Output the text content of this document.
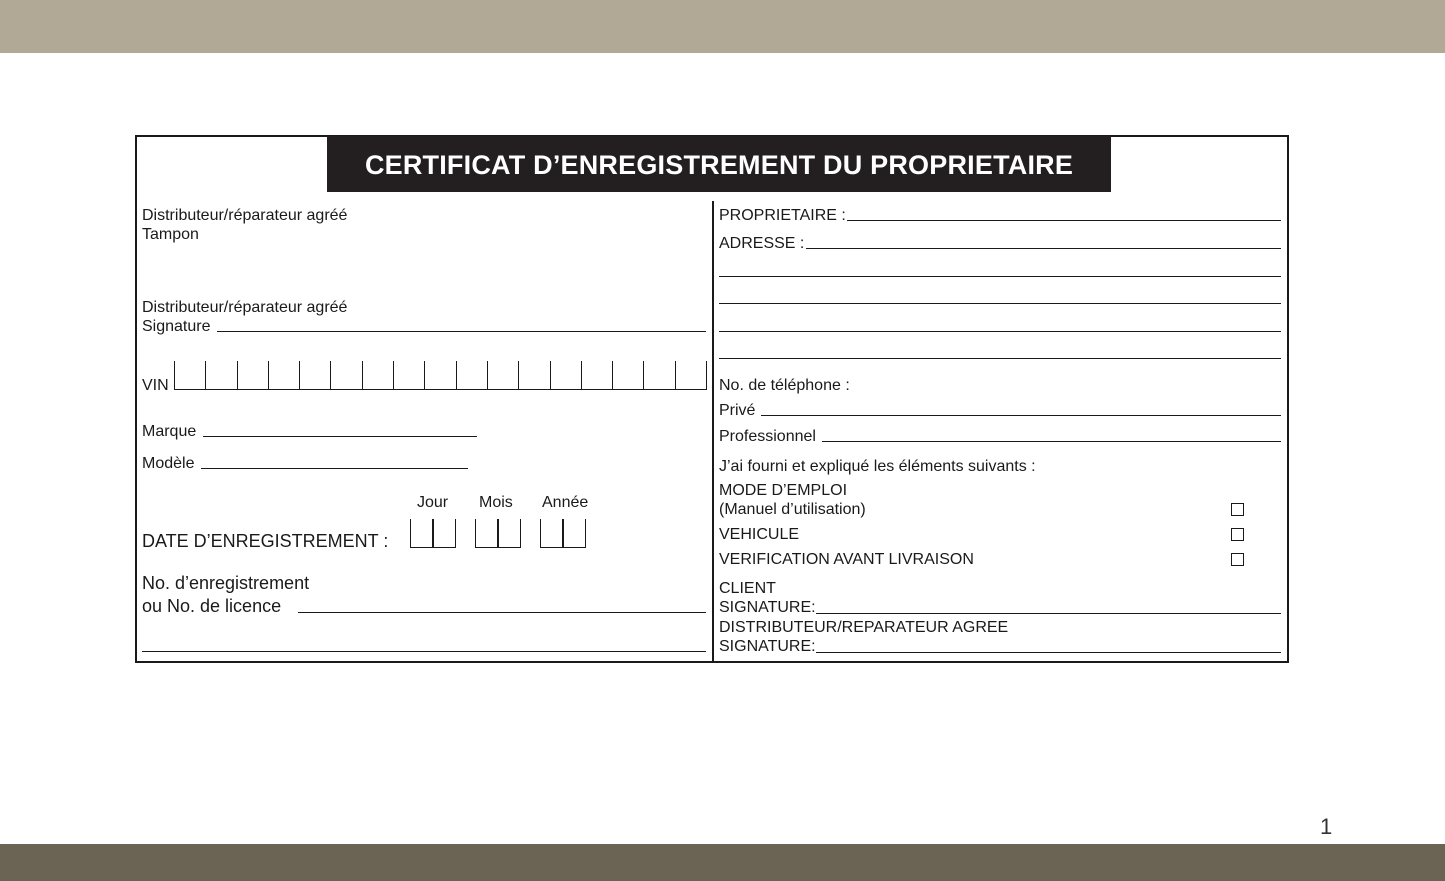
CERTIFICAT D’ENREGISTREMENT DU PROPRIETAIRE
Distributeur/réparateur agréé
Tampon
Distributeur/réparateur agréé
Signature
VIN
Marque
Modèle
Jour Mois Année
DATE D’ENREGISTREMENT :
No. d’enregistrement
ou No. de licence
PROPRIETAIRE :
ADRESSE :
No. de téléphone :
Privé
Professionnel
J’ai fourni et expliqué les éléments suivants :
MODE D’EMPLOI
(Manuel d’utilisation)
VEHICULE
VERIFICATION AVANT LIVRAISON
CLIENT
SIGNATURE:
DISTRIBUTEUR/REPARATEUR AGREE
SIGNATURE:
1
